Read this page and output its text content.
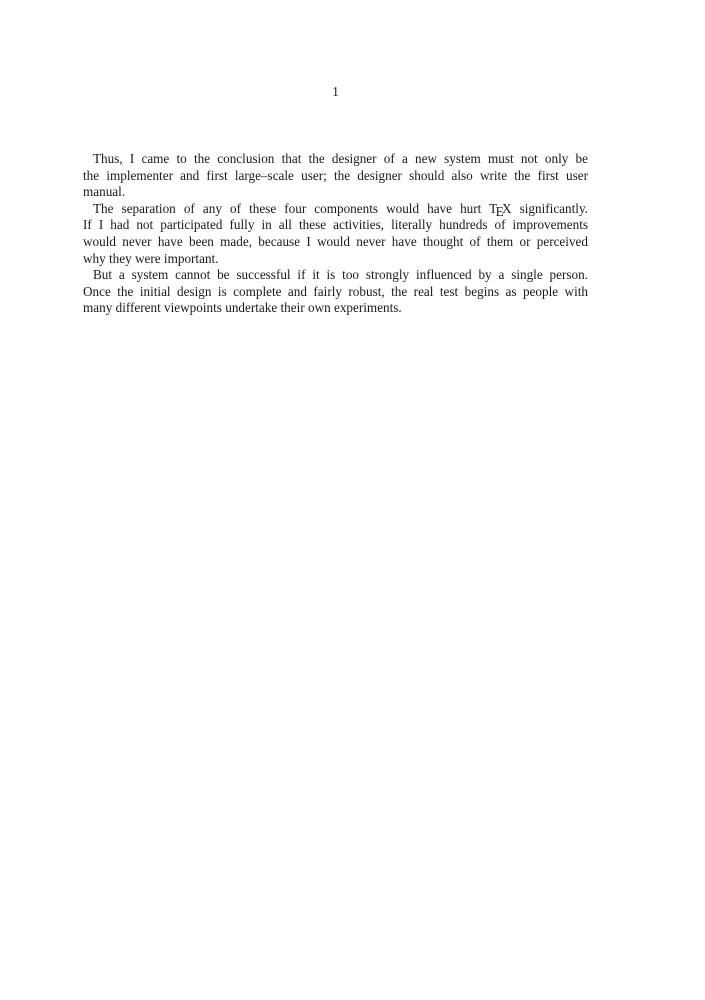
1
Thus, I came to the conclusion that the designer of a new system must not only be
the implementer and first large–scale user; the designer should also write the first user
manual.
The separation of any of these four components would have hurt TEX significantly.
If I had not participated fully in all these activities, literally hundreds of improvements
would never have been made, because I would never have thought of them or perceived
why they were important.
But a system cannot be successful if it is too strongly influenced by a single person.
Once the initial design is complete and fairly robust, the real test begins as people with
many different viewpoints undertake their own experiments.
